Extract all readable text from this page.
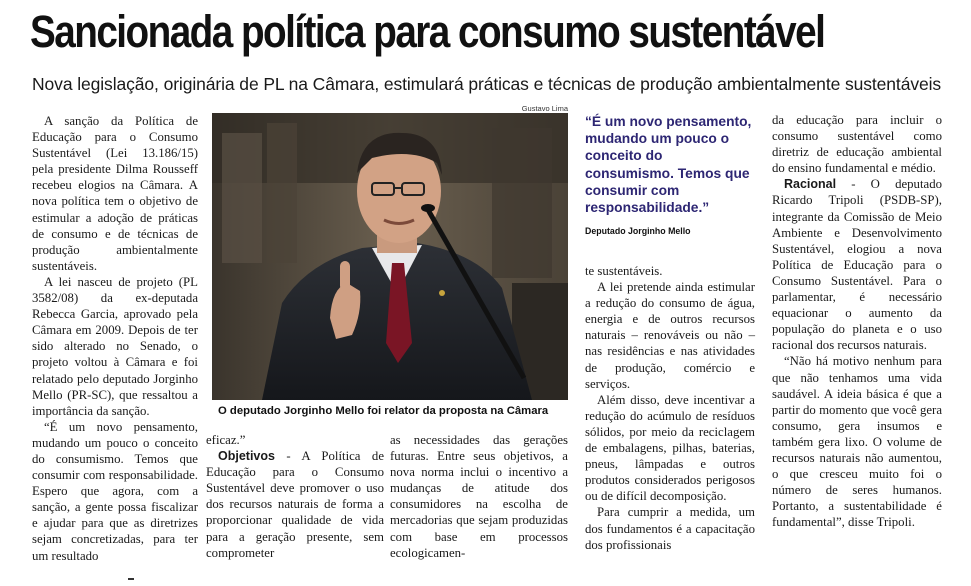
Sancionada política para consumo sustentável

Nova legislação, originária de PL na Câmara, estimulará práticas e técnicas de produção ambientalmente sustentáveis

A sanção da Política de Educação para o Consumo Sustentável (Lei 13.186/15) pela presidente Dilma Rousseff recebeu elogios na Câmara. A nova política tem o objetivo de estimular a adoção de práticas de consumo e de técnicas de produção ambientalmente sustentáveis.

A lei nasceu de projeto (PL 3582/08) da ex-deputada Rebecca Garcia, aprovado pela Câmara em 2009. Depois de ter sido alterado no Senado, o projeto voltou à Câmara e foi relatado pelo deputado Jorginho Mello (PR-SC), que ressaltou a importância da sanção.

“É um novo pensamento, mudando um pouco o conceito do consumismo. Temos que consumir com responsabilidade. Espero que agora, com a sanção, a gente possa fiscalizar e ajudar para que as diretrizes sejam concretizadas, para ter um resultado

Gustavo Lima

O deputado Jorginho Mello foi relator da proposta na Câmara

“É um novo pensamento, mudando um pouco o conceito do consumismo. Temos que consumir com responsabilidade.”

Deputado Jorginho Mello

eficaz.”

Objetivos - A Política de Educação para o Consumo Sustentável deve promover o uso dos recursos naturais de forma a proporcionar qualidade de vida para a geração presente, sem comprometer

as necessidades das gerações futuras. Entre seus objetivos, a nova norma inclui o incentivo a mudanças de atitude dos consumidores na escolha de mercadorias que sejam produzidas com base em processos ecologicamen-

te sustentáveis.

A lei pretende ainda estimular a redução do consumo de água, energia e de outros recursos naturais – renováveis ou não – nas residências e nas atividades de produção, comércio e serviços.

Além disso, deve incentivar a redução do acúmulo de resíduos sólidos, por meio da reciclagem de embalagens, pilhas, baterias, pneus, lâmpadas e outros produtos considerados perigosos ou de difícil decomposição.

Para cumprir a medida, um dos fundamentos é a capacitação dos profissionais

da educação para incluir o consumo sustentável como diretriz de educação ambiental do ensino fundamental e médio.

Racional - O deputado Ricardo Tripoli (PSDB-SP), integrante da Comissão de Meio Ambiente e Desenvolvimento Sustentável, elogiou a nova Política de Educação para o Consumo Sustentável. Para o parlamentar, é necessário equacionar o aumento da população do planeta e o uso racional dos recursos naturais.

“Não há motivo nenhum para que não tenhamos uma vida saudável. A ideia básica é que a partir do momento que você gera consumo, gera insumos e também gera lixo. O volume de recursos naturais não aumentou, o que cresceu muito foi o número de seres humanos. Portanto, a sustentabilidade é fundamental”, disse Tripoli.
